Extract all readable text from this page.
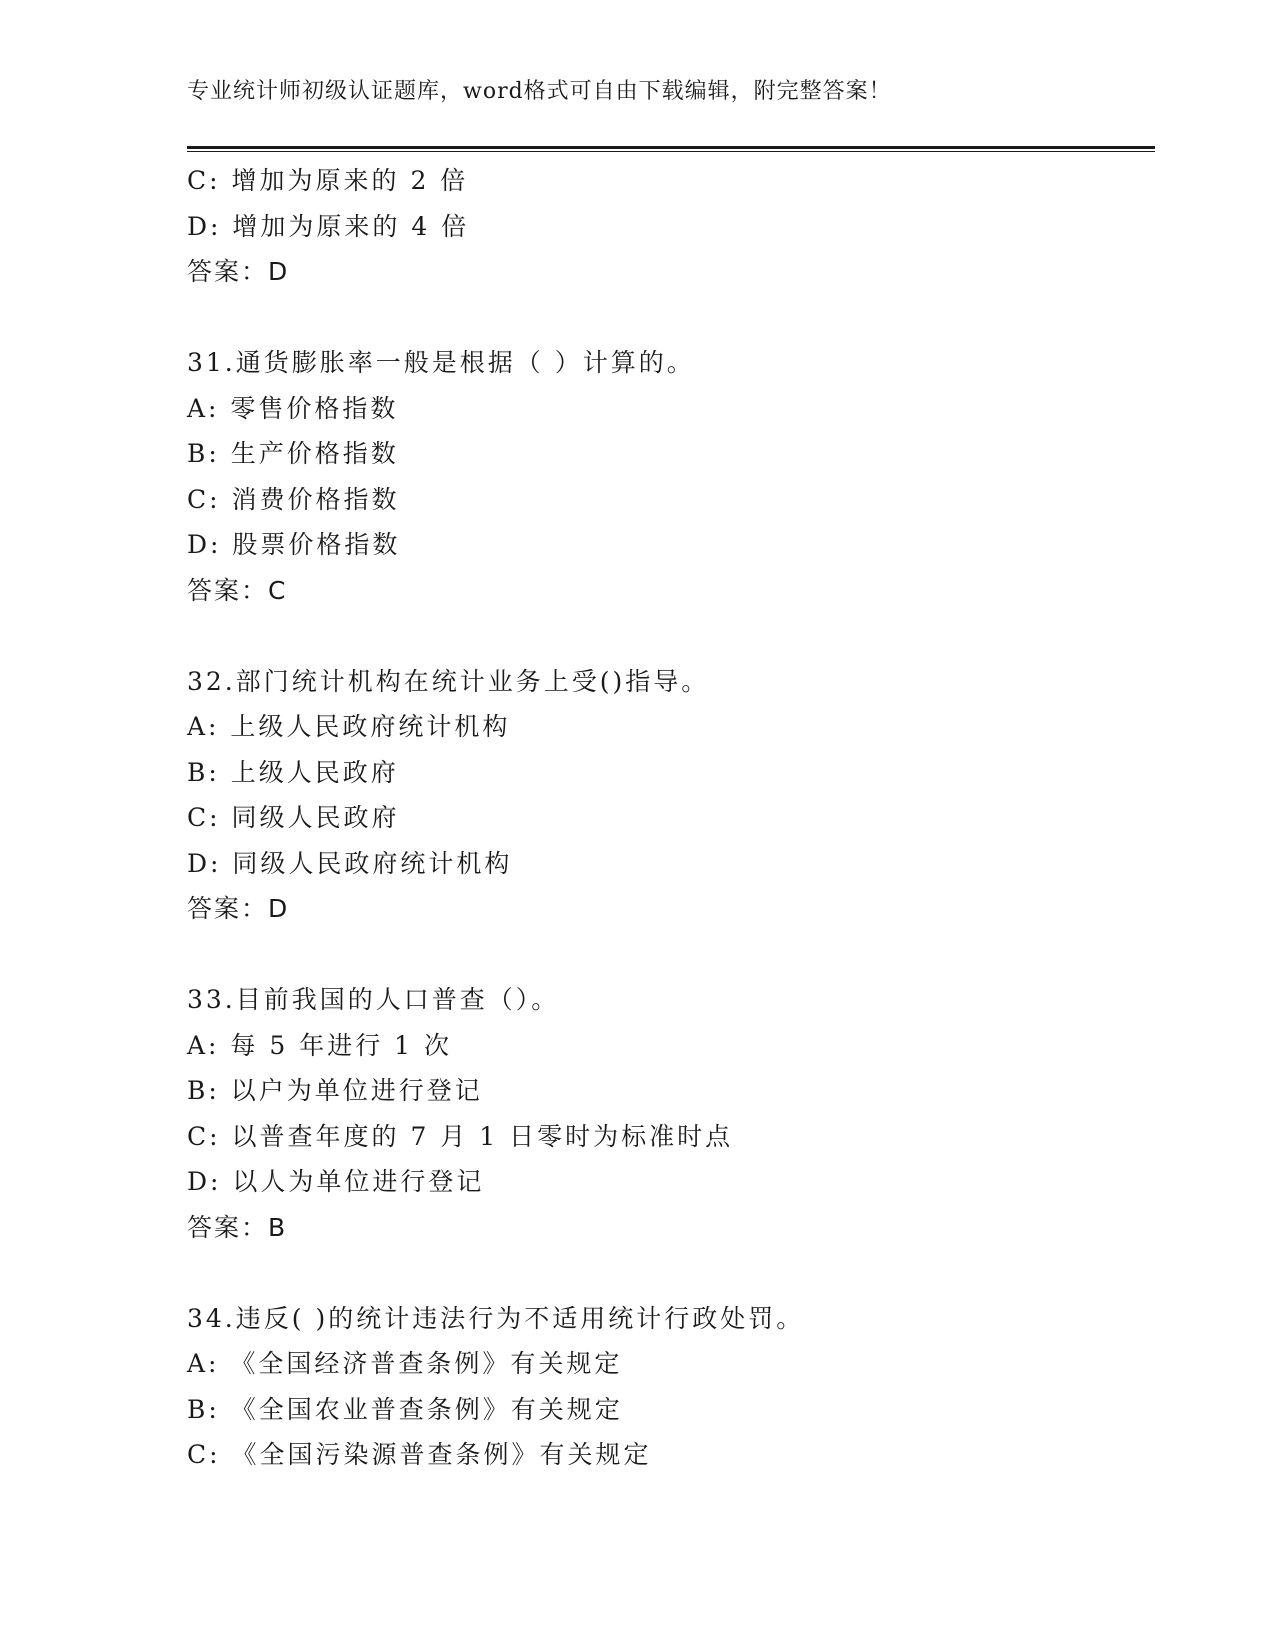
专业统计师初级认证题库，word格式可自由下载编辑，附完整答案！
C: 增加为原来的 2 倍
D: 增加为原来的 4 倍
答案：D
31.通货膨胀率一般是根据（ ）计算的。
A: 零售价格指数
B: 生产价格指数
C: 消费价格指数
D: 股票价格指数
答案：C
32.部门统计机构在统计业务上受()指导。
A: 上级人民政府统计机构
B: 上级人民政府
C: 同级人民政府
D: 同级人民政府统计机构
答案：D
33.目前我国的人口普查（）。
A: 每 5 年进行 1 次
B: 以户为单位进行登记
C: 以普查年度的 7 月 1 日零时为标准时点
D: 以人为单位进行登记
答案：B
34.违反( )的统计违法行为不适用统计行政处罚。
A: 《全国经济普查条例》有关规定
B: 《全国农业普查条例》有关规定
C: 《全国污染源普查条例》有关规定
